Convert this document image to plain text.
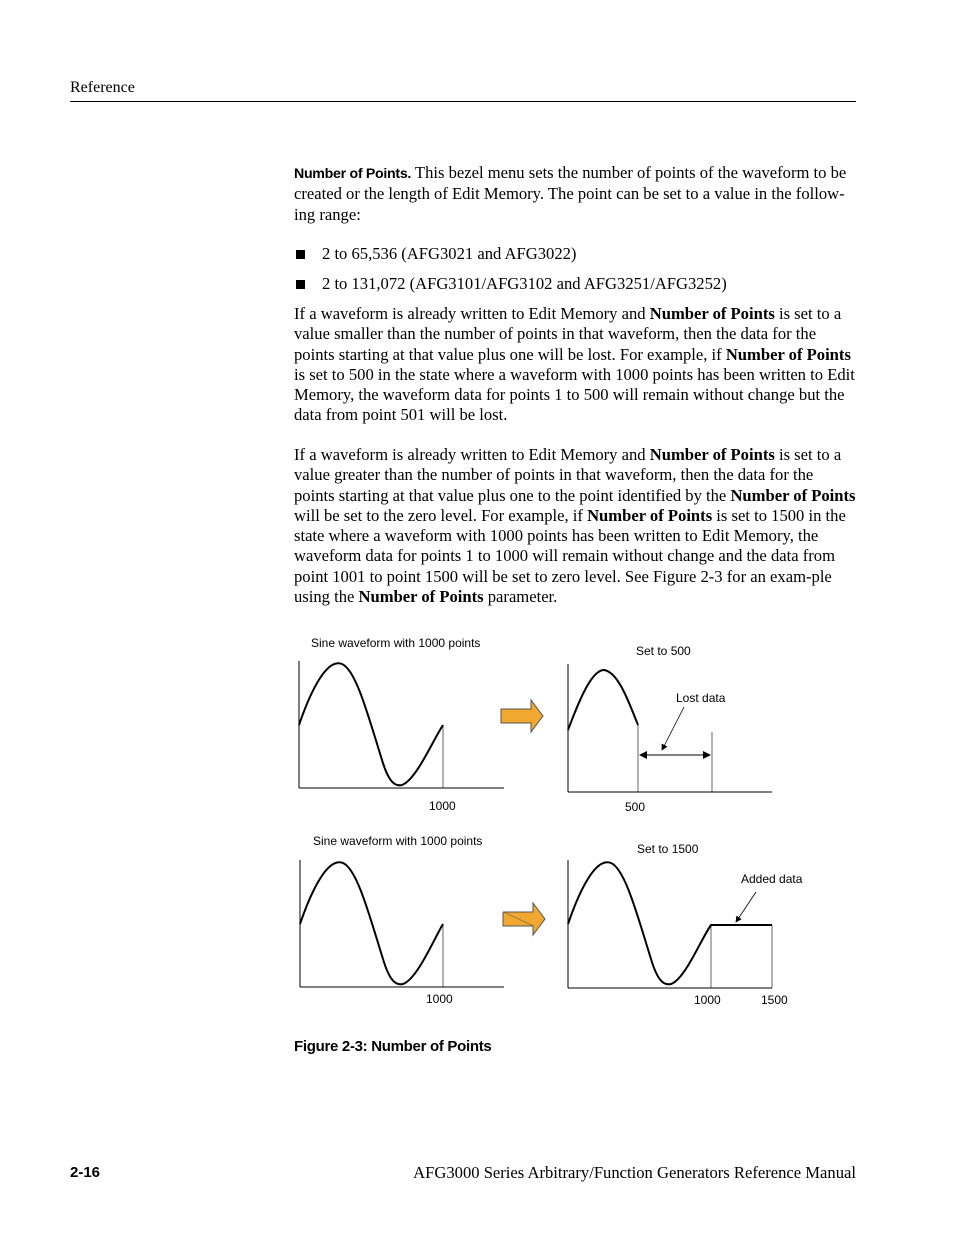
Reference
Number of Points. This bezel menu sets the number of points of the waveform to be created or the length of Edit Memory. The point can be set to a value in the follow-ing range:
2 to 65,536 (AFG3021 and AFG3022)
2 to 131,072 (AFG3101/AFG3102 and AFG3251/AFG3252)
If a waveform is already written to Edit Memory and Number of Points is set to a value smaller than the number of points in that waveform, then the data for the points starting at that value plus one will be lost. For example, if Number of Points is set to 500 in the state where a waveform with 1000 points has been written to Edit Memory, the waveform data for points 1 to 500 will remain without change but the data from point 501 will be lost.
If a waveform is already written to Edit Memory and Number of Points is set to a value greater than the number of points in that waveform, then the data for the points starting at that value plus one to the point identified by the Number of Points will be set to the zero level. For example, if Number of Points is set to 1500 in the state where a waveform with 1000 points has been written to Edit Memory, the waveform data for points 1 to 1000 will remain without change and the data from point 1001 to point 1500 will be set to zero level. See Figure 2-3 for an exam-ple using the Number of Points parameter.
Sine waveform with 1000 points
1000
Set to 500
Lost data
500
Sine waveform with 1000 points
1000
Set to 1500
Added data
1000	1500
Figure 2-3: Number of Points
2-16	AFG3000 Series Arbitrary/Function Generators Reference Manual
